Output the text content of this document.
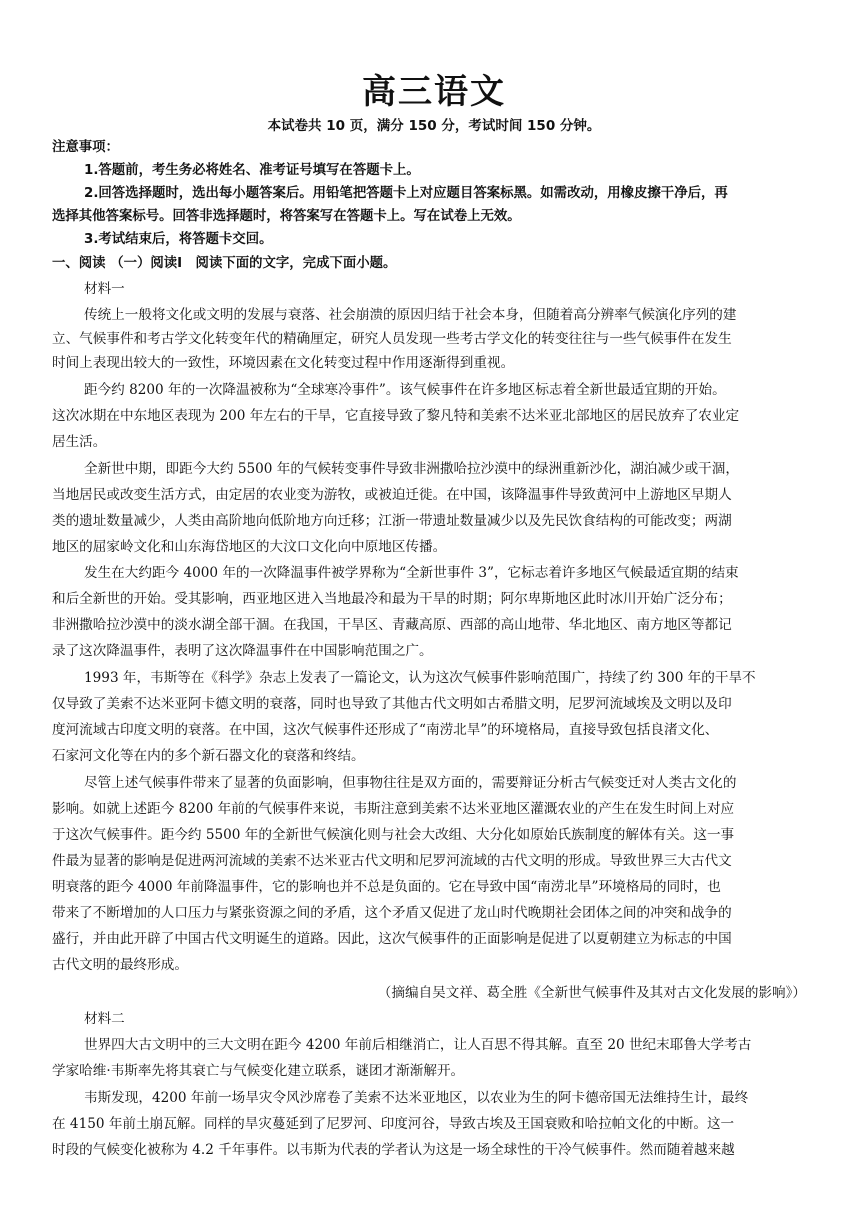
高三语文
本试卷共 10 页，满分 150 分，考试时间 150 分钟。
注意事项：
1.答题前，考生务必将姓名、准考证号填写在答题卡上。
2.回答选择题时，选出每小题答案后。用铅笔把答题卡上对应题目答案标黑。如需改动，用橡皮擦干净后，再
选择其他答案标号。回答非选择题时，将答案写在答题卡上。写在试卷上无效。
3.考试结束后，将答题卡交回。
一、阅读 （一）阅读Ⅰ　阅读下面的文字，完成下面小题。
材料一
传统上一般将文化或文明的发展与衰落、社会崩溃的原因归结于社会本身，但随着高分辨率气候演化序列的建
立、气候事件和考古学文化转变年代的精确厘定，研究人员发现一些考古学文化的转变往往与一些气候事件在发生
时间上表现出较大的一致性，环境因素在文化转变过程中作用逐渐得到重视。
距今约 8200 年的一次降温被称为“全球寒冷事件”。该气候事件在许多地区标志着全新世最适宜期的开始。
这次冰期在中东地区表现为 200 年左右的干旱，它直接导致了黎凡特和美索不达米亚北部地区的居民放弃了农业定
居生活。
全新世中期，即距今大约 5500 年的气候转变事件导致非洲撒哈拉沙漠中的绿洲重新沙化，湖泊减少或干涸，
当地居民或改变生活方式，由定居的农业变为游牧，或被迫迁徙。在中国，该降温事件导致黄河中上游地区早期人
类的遗址数量减少，人类由高阶地向低阶地方向迁移；江浙一带遗址数量减少以及先民饮食结构的可能改变；两湖
地区的屈家岭文化和山东海岱地区的大汶口文化向中原地区传播。
发生在大约距今 4000 年的一次降温事件被学界称为“全新世事件 3”，它标志着许多地区气候最适宜期的结束
和后全新世的开始。受其影响，西亚地区进入当地最冷和最为干旱的时期；阿尔卑斯地区此时冰川开始广泛分布；
非洲撒哈拉沙漠中的淡水湖全部干涸。在我国，干旱区、青藏高原、西部的高山地带、华北地区、南方地区等都记
录了这次降温事件，表明了这次降温事件在中国影响范围之广。
1993 年，韦斯等在《科学》杂志上发表了一篇论文，认为这次气候事件影响范围广，持续了约 300 年的干旱不
仅导致了美索不达米亚阿卡德文明的衰落，同时也导致了其他古代文明如古希腊文明，尼罗河流域埃及文明以及印
度河流域古印度文明的衰落。在中国，这次气候事件还形成了“南涝北旱”的环境格局，直接导致包括良渚文化、
石家河文化等在内的多个新石器文化的衰落和终结。
尽管上述气候事件带来了显著的负面影响，但事物往往是双方面的，需要辩证分析古气候变迁对人类古文化的
影响。如就上述距今 8200 年前的气候事件来说，韦斯注意到美索不达米亚地区灌溉农业的产生在发生时间上对应
于这次气候事件。距今约 5500 年的全新世气候演化则与社会大改组、大分化如原始氏族制度的解体有关。这一事
件最为显著的影响是促进两河流域的美索不达米亚古代文明和尼罗河流域的古代文明的形成。导致世界三大古代文
明衰落的距今 4000 年前降温事件，它的影响也并不总是负面的。它在导致中国“南涝北旱”环境格局的同时，也
带来了不断增加的人口压力与紧张资源之间的矛盾，这个矛盾又促进了龙山时代晚期社会团体之间的冲突和战争的
盛行，并由此开辟了中国古代文明诞生的道路。因此，这次气候事件的正面影响是促进了以夏朝建立为标志的中国
古代文明的最终形成。
（摘编自吴文祥、葛全胜《全新世气候事件及其对古文化发展的影响》）
材料二
世界四大古文明中的三大文明在距今 4200 年前后相继消亡，让人百思不得其解。直至 20 世纪末耶鲁大学考古
学家哈维·韦斯率先将其衰亡与气候变化建立联系，谜团才渐渐解开。
韦斯发现，4200 年前一场旱灾令风沙席卷了美索不达米亚地区，以农业为生的阿卡德帝国无法维持生计，最终
在 4150 年前土崩瓦解。同样的旱灾蔓延到了尼罗河、印度河谷，导致古埃及王国衰败和哈拉帕文化的中断。这一
时段的气候变化被称为 4.2 千年事件。以韦斯为代表的学者认为这是一场全球性的干冷气候事件。然而随着越来越
